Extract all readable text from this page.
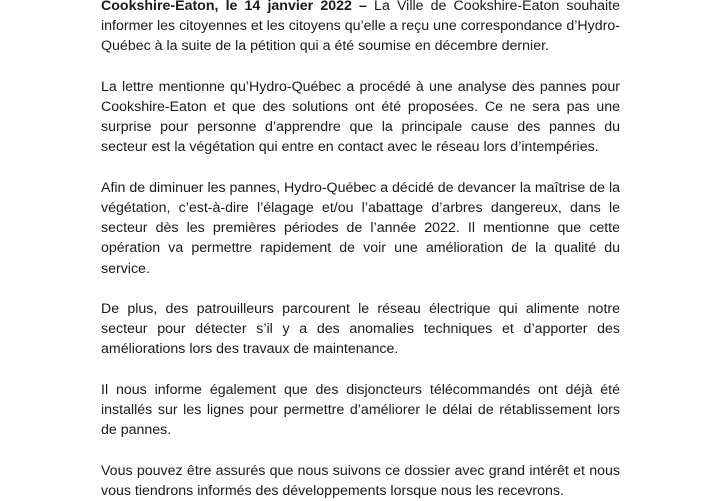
Cookshire-Eaton, le 14 janvier 2022 – La Ville de Cookshire-Eaton souhaite informer les citoyennes et les citoyens qu’elle a reçu une correspondance d’Hydro-Québec à la suite de la pétition qui a été soumise en décembre dernier.

La lettre mentionne qu’Hydro-Québec a procédé à une analyse des pannes pour Cookshire-Eaton et que des solutions ont été proposées. Ce ne sera pas une surprise pour personne d’apprendre que la principale cause des pannes du secteur est la végétation qui entre en contact avec le réseau lors d’intempéries.

Afin de diminuer les pannes, Hydro-Québec a décidé de devancer la maîtrise de la végétation, c’est-à-dire l’élagage et/ou l’abattage d’arbres dangereux, dans le secteur dès les premières périodes de l’année 2022. Il mentionne que cette opération va permettre rapidement de voir une amélioration de la qualité du service.

De plus, des patrouilleurs parcourent le réseau électrique qui alimente notre secteur pour détecter s’il y a des anomalies techniques et d’apporter des améliorations lors des travaux de maintenance.

Il nous informe également que des disjoncteurs télécommandés ont déjà été installés sur les lignes pour permettre d’améliorer le délai de rétablissement lors de pannes.

Vous pouvez être assurés que nous suivons ce dossier avec grand intérêt et nous vous tiendrons informés des développements lorsque nous les recevrons.
